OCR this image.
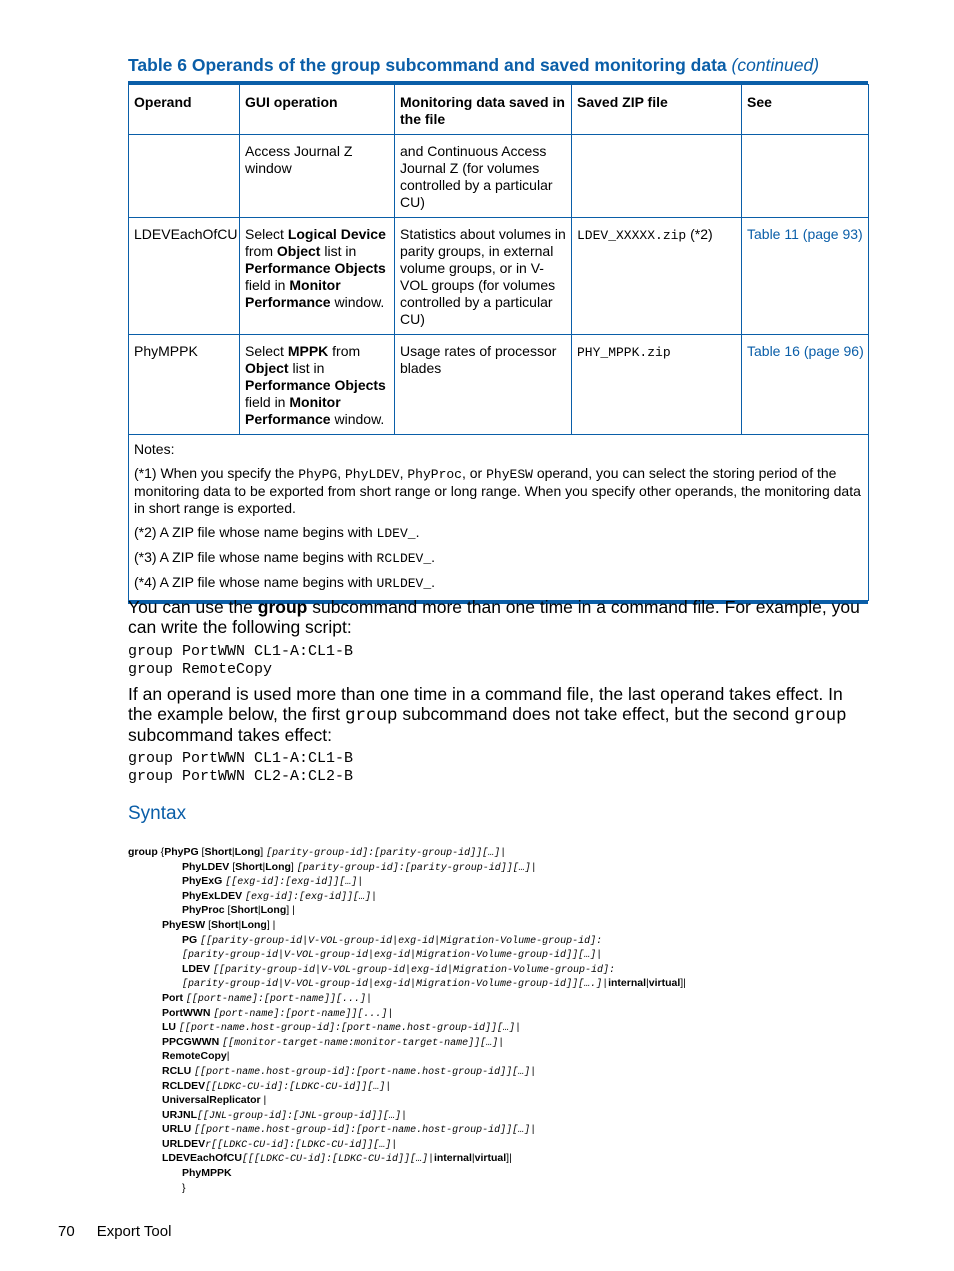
Table 6 Operands of the group subcommand and saved monitoring data (continued)
Operand	GUI operation	Monitoring data saved in the file	Saved ZIP file	See
	Access Journal Z window	and Continuous Access Journal Z (for volumes controlled by a particular CU)		
LDEVEachOfCU	Select Logical Device from Object list in Performance Objects field in Monitor Performance window.	Statistics about volumes in parity groups, in external volume groups, or in V-VOL groups (for volumes controlled by a particular CU)	LDEV_XXXXX.zip (*2)	Table 11 (page 93)
PhyMPPK	Select MPPK from Object list in Performance Objects field in Monitor Performance window.	Usage rates of processor blades	PHY_MPPK.zip	Table 16 (page 96)

Notes:

(*1) When you specify the PhyPG, PhyLDEV, PhyProc, or PhyESW operand, you can select the storing period of the monitoring data to be exported from short range or long range. When you specify other operands, the monitoring data in short range is exported.

(*2) A ZIP file whose name begins with LDEV_.

(*3) A ZIP file whose name begins with RCLDEV_.

(*4) A ZIP file whose name begins with URLDEV_.				

You can use the group subcommand more than one time in a command file. For example, you can write the following script:
group PortWWN CL1-A:CL1-B
group RemoteCopy
If an operand is used more than one time in a command file, the last operand takes effect. In the example below, the first group subcommand does not take effect, but the second group subcommand takes effect:
group PortWWN CL1-A:CL1-B
group PortWWN CL2-A:CL2-B
Syntax
group {PhyPG [Short|Long] [parity-group-id]:[parity-group-id]][…]|
PhyLDEV [Short|Long] [parity-group-id]:[parity-group-id]][…]|
PhyExG [[exg-id]:[exg-id]][…]|
PhyExLDEV [exg-id]:[exg-id]][…]|
PhyProc [Short|Long] |
PhyESW [Short|Long] |
PG [[parity-group-id|V-VOL-group-id|exg-id|Migration-Volume-group-id]:
[parity-group-id|V-VOL-group-id|exg-id|Migration-Volume-group-id]][…]|
LDEV [[parity-group-id|V-VOL-group-id|exg-id|Migration-Volume-group-id]:
[parity-group-id|V-VOL-group-id|exg-id|Migration-Volume-group-id]][….]|internal|virtual]|
Port [[port-name]:[port-name]][...]|
PortWWN [port-name]:[port-name]][...]|
LU [[port-name.host-group-id]:[port-name.host-group-id]][…]|
PPCGWWN [[monitor-target-name:monitor-target-name]][…]|
RemoteCopy|
RCLU [[port-name.host-group-id]:[port-name.host-group-id]][…]|
RCLDEV[[LDKC-CU-id]:[LDKC-CU-id]][…]|
UniversalReplicator |
URJNL[[JNL-group-id]:[JNL-group-id]][…]|
URLU [[port-name.host-group-id]:[port-name.host-group-id]][…]|
URLDEVr[[LDKC-CU-id]:[LDKC-CU-id]][…]|
LDEVEachOfCU[[[LDKC-CU-id]:[LDKC-CU-id]][…]|internal|virtual]|
PhyMPPK
}
70 Export Tool
